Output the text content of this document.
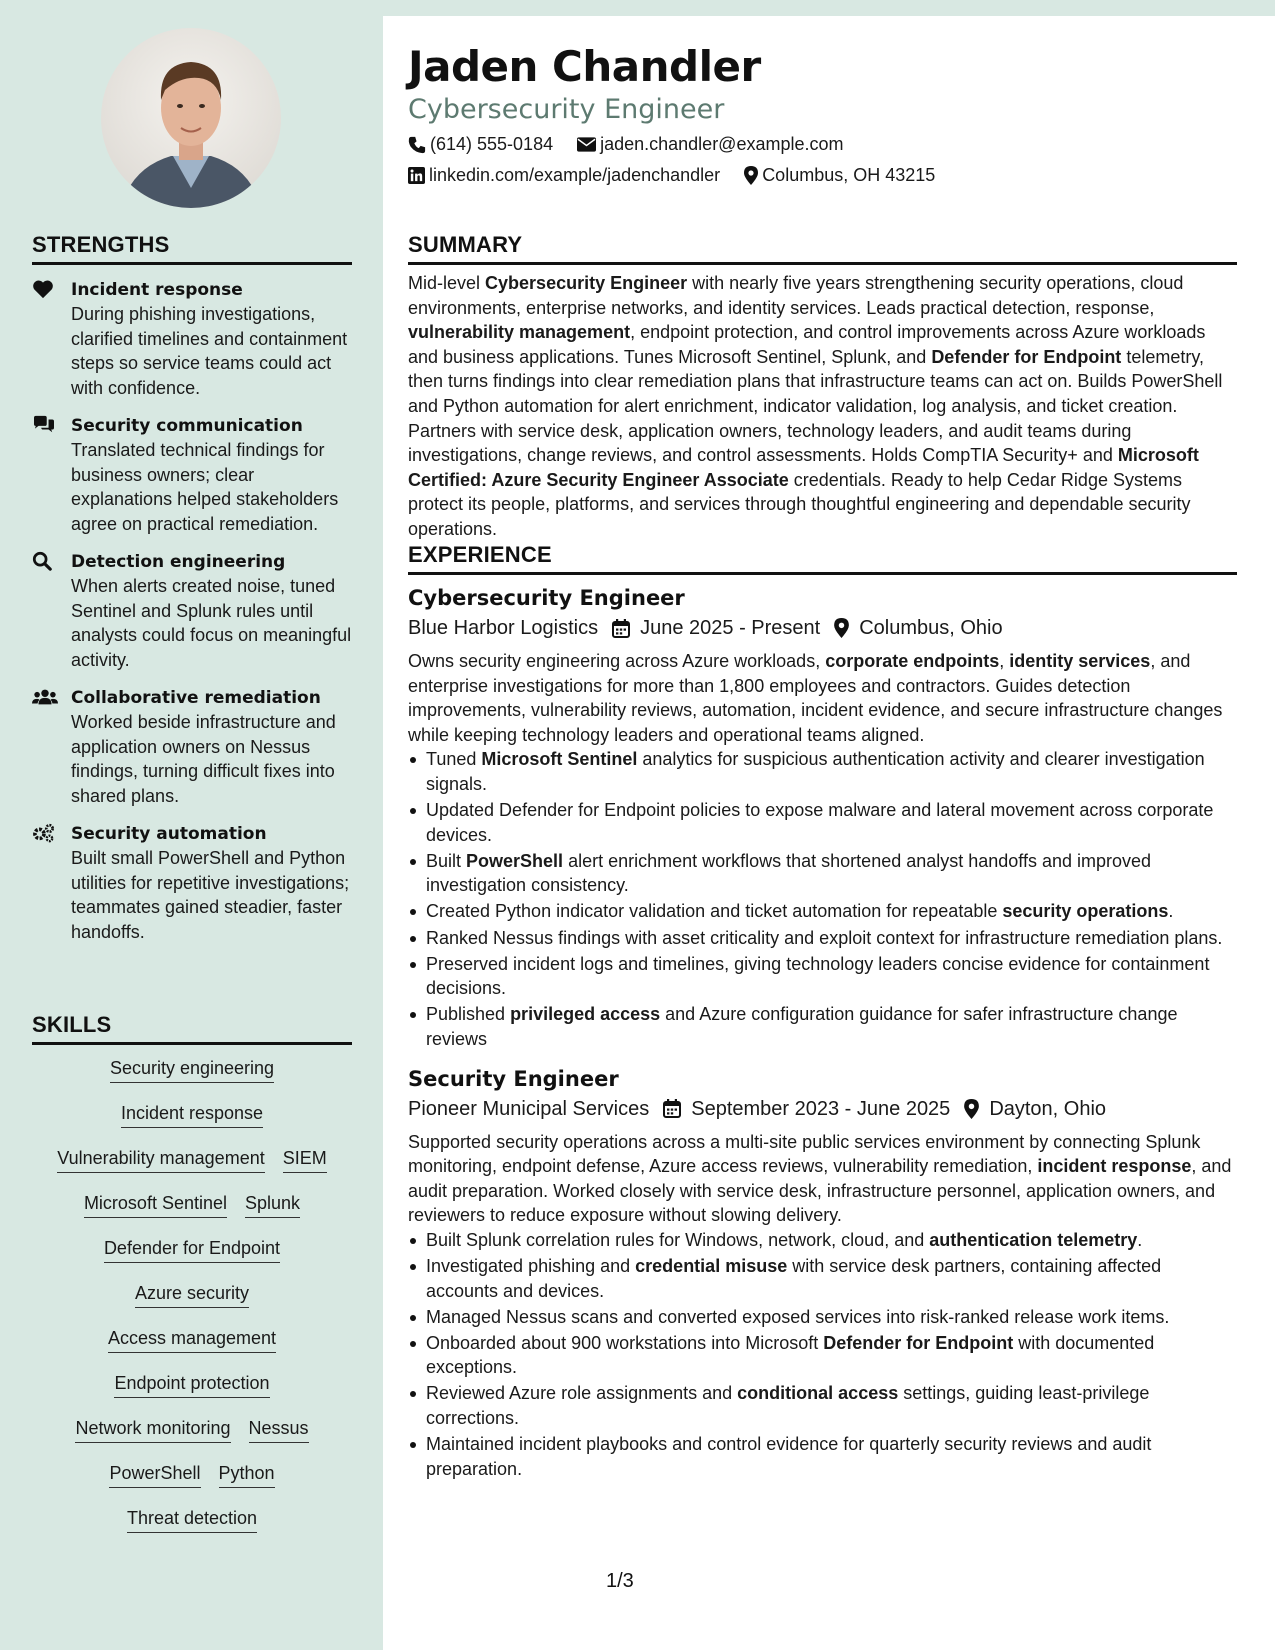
STRENGTHS
Incident response
During phishing investigations, clarified timelines and containment steps so service teams could act with confidence.
Security communication
Translated technical findings for business owners; clear explanations helped stakeholders agree on practical remediation.
Detection engineering
When alerts created noise, tuned Sentinel and Splunk rules until analysts could focus on meaningful activity.
Collaborative remediation
Worked beside infrastructure and application owners on Nessus findings, turning difficult fixes into shared plans.
Security automation
Built small PowerShell and Python utilities for repetitive investigations; teammates gained steadier, faster handoffs.
SKILLS
Security engineering
Incident response
Vulnerability management SIEM
Microsoft Sentinel Splunk
Defender for Endpoint
Azure security
Access management
Endpoint protection
Network monitoring Nessus
PowerShell Python
Threat detection
Jaden Chandler
Cybersecurity Engineer
(614) 555-0184	jaden.chandler@example.com
linkedin.com/example/jadenchandler Columbus, OH 43215
SUMMARY
Mid-level Cybersecurity Engineer with nearly five years strengthening security operations, cloud environments, enterprise networks, and identity services. Leads practical detection, response, vulnerability management, endpoint protection, and control improvements across Azure workloads and business applications. Tunes Microsoft Sentinel, Splunk, and Defender for Endpoint telemetry, then turns findings into clear remediation plans that infrastructure teams can act on. Builds PowerShell and Python automation for alert enrichment, indicator validation, log analysis, and ticket creation. Partners with service desk, application owners, technology leaders, and audit teams during investigations, change reviews, and control assessments. Holds CompTIA Security+ and Microsoft Certified: Azure Security Engineer Associate credentials. Ready to help Cedar Ridge Systems protect its people, platforms, and services through thoughtful engineering and dependable security operations.
EXPERIENCE
Cybersecurity Engineer
Blue Harbor Logistics June 2025 - Present Columbus, Ohio
Owns security engineering across Azure workloads, corporate endpoints, identity services, and enterprise investigations for more than 1,800 employees and contractors. Guides detection improvements, vulnerability reviews, automation, incident evidence, and secure infrastructure changes while keeping technology leaders and operational teams aligned.
Tuned Microsoft Sentinel analytics for suspicious authentication activity and clearer investigation signals.
Updated Defender for Endpoint policies to expose malware and lateral movement across corporate devices.
Built PowerShell alert enrichment workflows that shortened analyst handoffs and improved investigation consistency.
Created Python indicator validation and ticket automation for repeatable security operations.
Ranked Nessus findings with asset criticality and exploit context for infrastructure remediation plans.
Preserved incident logs and timelines, giving technology leaders concise evidence for containment decisions.
Published privileged access and Azure configuration guidance for safer infrastructure change reviews
Security Engineer
Pioneer Municipal Services September 2023 - June 2025 Dayton, Ohio
Supported security operations across a multi-site public services environment by connecting Splunk monitoring, endpoint defense, Azure access reviews, vulnerability remediation, incident response, and audit preparation. Worked closely with service desk, infrastructure personnel, application owners, and reviewers to reduce exposure without slowing delivery.
Built Splunk correlation rules for Windows, network, cloud, and authentication telemetry.
Investigated phishing and credential misuse with service desk partners, containing affected accounts and devices.
Managed Nessus scans and converted exposed services into risk-ranked release work items.
Onboarded about 900 workstations into Microsoft Defender for Endpoint with documented exceptions.
Reviewed Azure role assignments and conditional access settings, guiding least-privilege corrections.
Maintained incident playbooks and control evidence for quarterly security reviews and audit preparation.
1/3
